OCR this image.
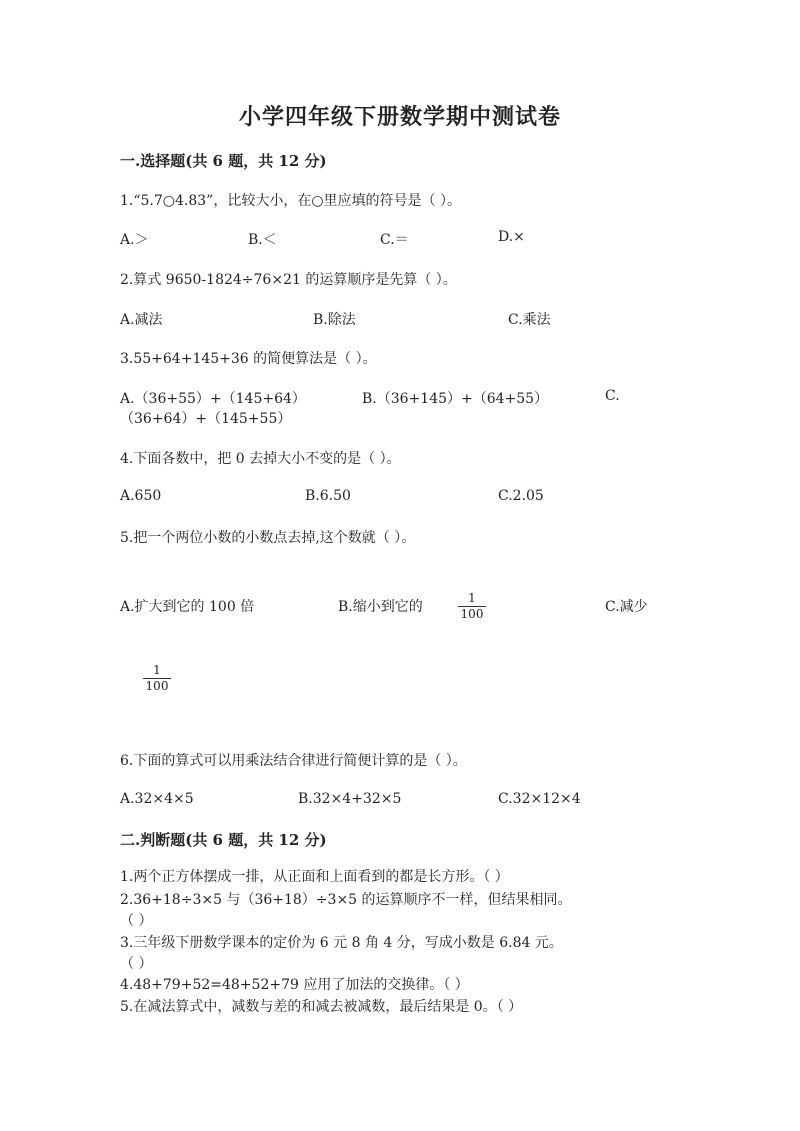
小学四年级下册数学期中测试卷
一.选择题(共 6 题，共 12 分)
1.“5.7○4.83”，比较大小，在○里应填的符号是（ ）。
A.＞	B.＜	C.＝	D.×
2.算式 9650-1824÷76×21 的运算顺序是先算（ ）。
A.减法	B.除法	C.乘法
3.55+64+145+36 的简便算法是（ ）。
A.（36+55）+（145+64）	B.（36+145）+（64+55）	C.
（36+64）+（145+55）
4.下面各数中，把 0 去掉大小不变的是（ ）。
A.650	B.6.50	C.2.05
5.把一个两位小数的小数点去掉,这个数就（ ）。
A.扩大到它的 100 倍	B.缩小到它的
1
100	C.减少
1
100
6.下面的算式可以用乘法结合律进行简便计算的是（ ）。
A.32×4×5	B.32×4+32×5	C.32×12×4
二.判断题(共 6 题，共 12 分)
1.两个正方体摆成一排，从正面和上面看到的都是长方形。（ ）
2.36+18÷3×5 与（36+18）÷3×5 的运算顺序不一样，但结果相同。
（ ）
3.三年级下册数学课本的定价为 6 元 8 角 4 分，写成小数是 6.84 元。
（ ）
4.48+79+52=48+52+79 应用了加法的交换律。（ ）
5.在减法算式中，减数与差的和减去被减数，最后结果是 0。（ ）
